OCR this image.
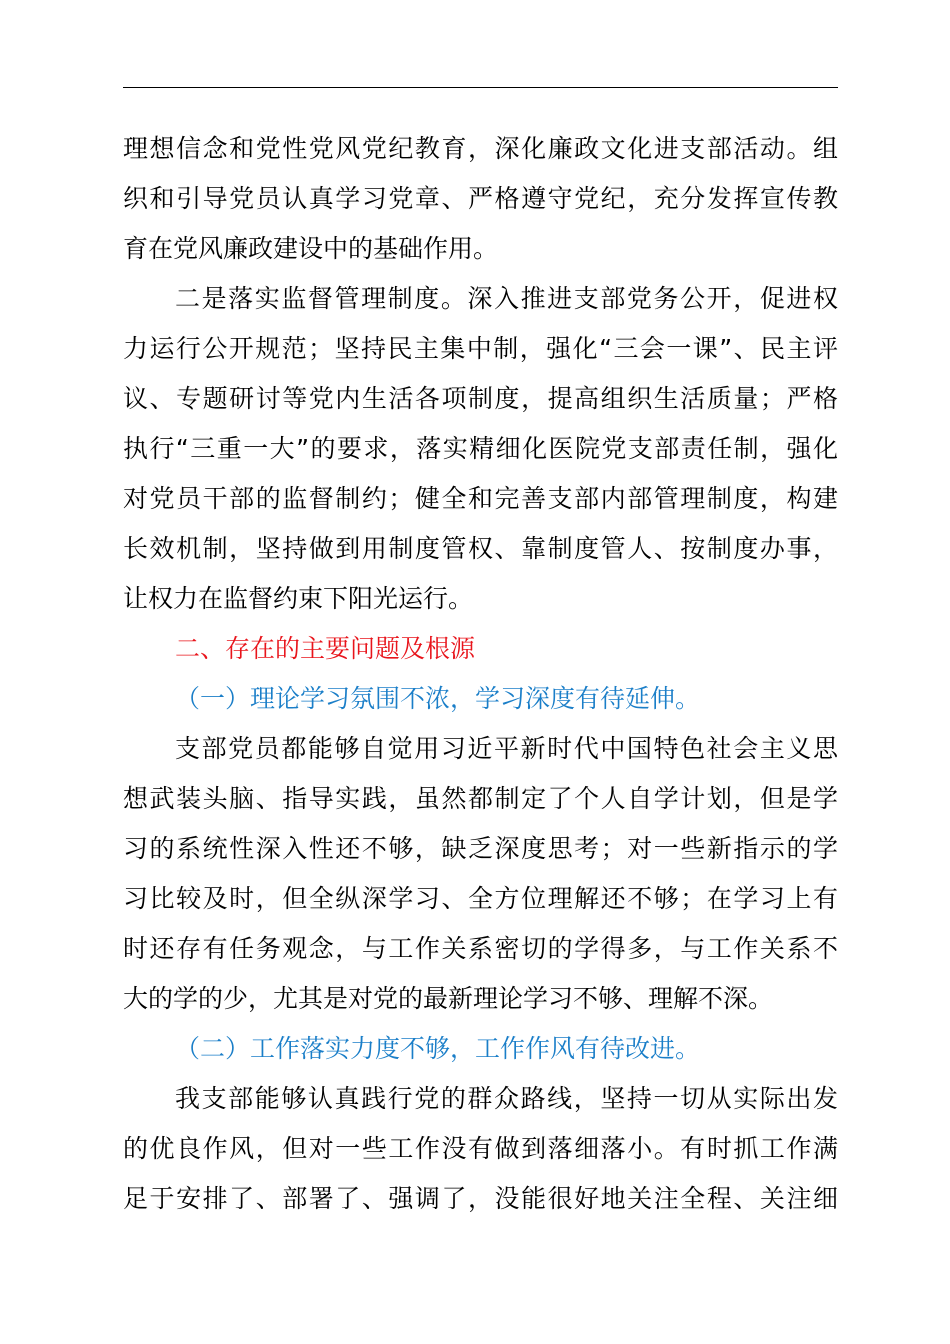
理想信念和党性党风党纪教育，深化廉政文化进支部活动。组
织和引导党员认真学习党章、严格遵守党纪，充分发挥宣传教
育在党风廉政建设中的基础作用。
二是落实监督管理制度。深入推进支部党务公开，促进权
力运行公开规范；坚持民主集中制，强化“三会一课”、民主评
议、专题研讨等党内生活各项制度，提高组织生活质量；严格
执行“三重一大”的要求，落实精细化医院党支部责任制，强化
对党员干部的监督制约；健全和完善支部内部管理制度，构建
长效机制，坚持做到用制度管权、靠制度管人、按制度办事，
让权力在监督约束下阳光运行。
二、存在的主要问题及根源
（一）理论学习氛围不浓，学习深度有待延伸。
支部党员都能够自觉用习近平新时代中国特色社会主义思
想武装头脑、指导实践，虽然都制定了个人自学计划，但是学
习的系统性深入性还不够，缺乏深度思考；对一些新指示的学
习比较及时，但全纵深学习、全方位理解还不够；在学习上有
时还存有任务观念，与工作关系密切的学得多，与工作关系不
大的学的少，尤其是对党的最新理论学习不够、理解不深。
（二）工作落实力度不够，工作作风有待改进。
我支部能够认真践行党的群众路线，坚持一切从实际出发
的优良作风，但对一些工作没有做到落细落小。有时抓工作满
足于安排了、部署了、强调了，没能很好地关注全程、关注细
